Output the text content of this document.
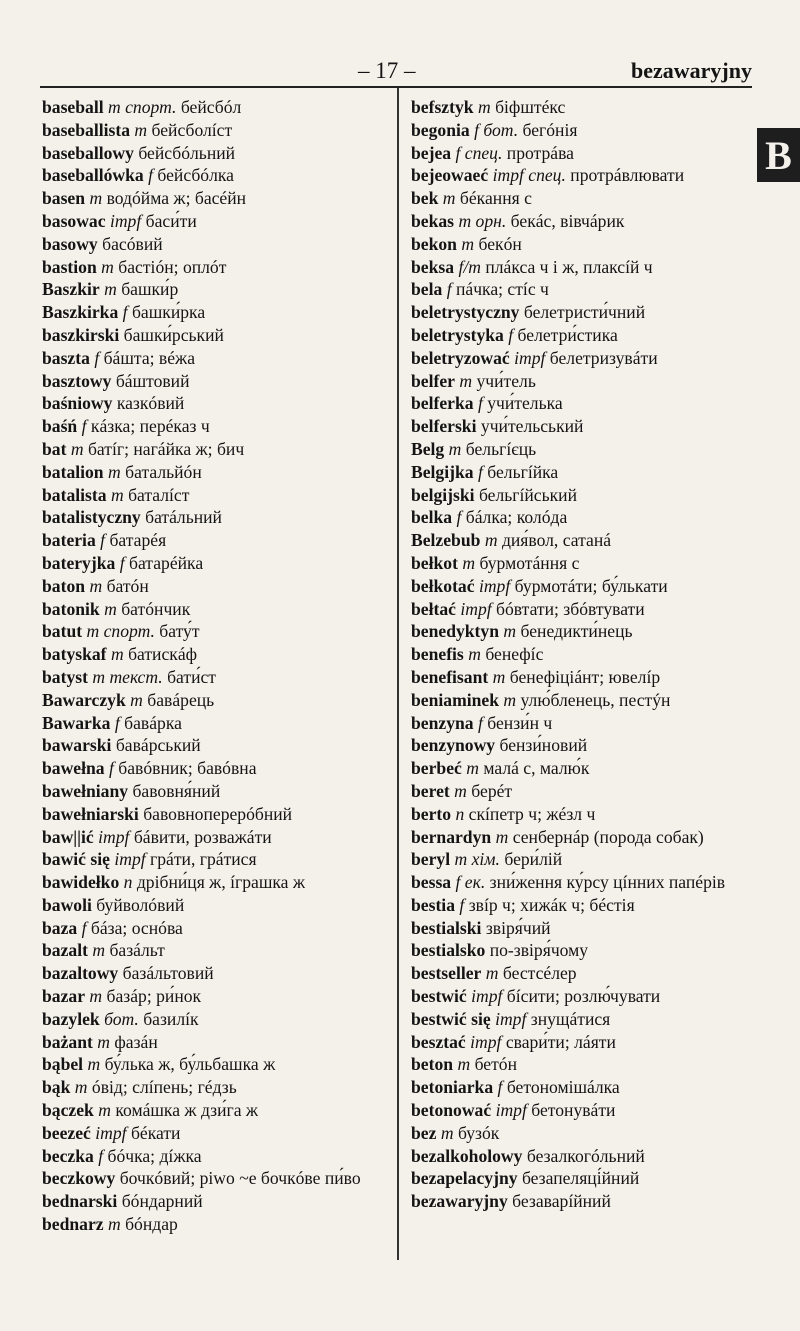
– 17 –	bezawaryjny
B
baseball m спорт. бейсбóл
baseballista m бейсболíст
baseballowy бейсбóльний
baseballówka f бейсбóлка
basen m водóйма ж; басéйн
basowac impf баси́ти
basowy басóвий
bastion m бастіóн; оплóт
Baszkir m башки́р
Baszkirka f башки́рка
baszkirski башки́рський
baszta f бáшта; вéжа
basztowy бáштовий
baśniowy казкóвий
baśń f кáзка; перéказ ч
bat m батíг; нагáйка ж; бич
batalion m батальйóн
batalista m баталíст
batalistyczny батáльний
bateria f батарéя
bateryjka f батарéйка
baton m батóн
batonik m батóнчик
batut m спорт. бату́т
batyskaf m батискáф
batyst m текст. бати́ст
Bawarczyk m бавáрець
Bawarka f бавáрка
bawarski бавáрський
bawełna f бавóвник; бавóвна
bawełniany бавовня́ний
bawełniarski бавовноперерóбний
baw||ić impf бáвити, розважáти
bawić się impf грáти, грáтися
bawidełko n дрібни́ця ж, íграшка ж
bawoli буйволóвий
baza f бáза; оснóва
bazalt m базáльт
bazaltowy базáльтовий
bazar m базáр; ри́нок
bazylek бот. базилíк
bażant m фазáн
bąbel m бу́лька ж, бу́льбашка ж
bąk m óвід; слíпень; гéдзь
bączek m комáшка ж дзи́га ж
beezeć impf бéкати
beczka f бóчка; дíжка
beczkowy бочкóвий; piwo ~e бочкóве пи́во
bednarski бóндарний
bednarz m бóндар
befsztyk m біфштéкс
begonia f бот. бегóнія
bejea f спец. протрáва
bejeowaeć impf спец. протрáвлювати
bek m бéкання с
bekas m орн. бекáс, вівчáрик
bekon m бекóн
beksa f/m плáкса ч і ж, плаксíй ч
bela f пáчка; стíс ч
beletrystyczny белетристи́чний
beletrystyka f белетри́стика
beletryzować impf белетризувáти
belfer m учи́тель
belferka f учи́телька
belferski учи́тельський
Belg m бельгíєць
Belgijka f бельгíйка
belgijski бельгíйський
belka f бáлка; колóда
Belzebub m дия́вол, сатанá
bełkot m бурмотáння с
bełkotać impf бурмотáти; бу́лькати
bełtać impf бóвтати; збóвтувати
benedyktyn m бенедикти́нець
benefis m бенефíс
benefisant m бенефіціáнт; ювелíр
beniaminek m улю́бленець, пестýн
benzyna f бензи́н ч
benzynowy бензи́новий
berbeć m малá с, малю́к
beret m берéт
berto n скíпетр ч; жéзл ч
bernardyn m сенбернáр (порода собак)
beryl m хім. бери́лій
bessa f ек. зни́ження ку́рсу цíнних папéрів
bestia f звíр ч; хижáк ч; бéстія
bestialski звіря́чий
bestialsko по-звіря́чому
bestseller m бестсéлер
bestwić impf бíсити; розлю́чувати
bestwić się impf знущáтися
besztać impf свари́ти; лáяти
beton m бетóн
betoniarka f бетономішáлка
betonować impf бетонувáти
bez m бузóк
bezalkoholowy безалкогóльний
bezapelacyjny безапеляці́йний
bezawaryjny безаварíйний
